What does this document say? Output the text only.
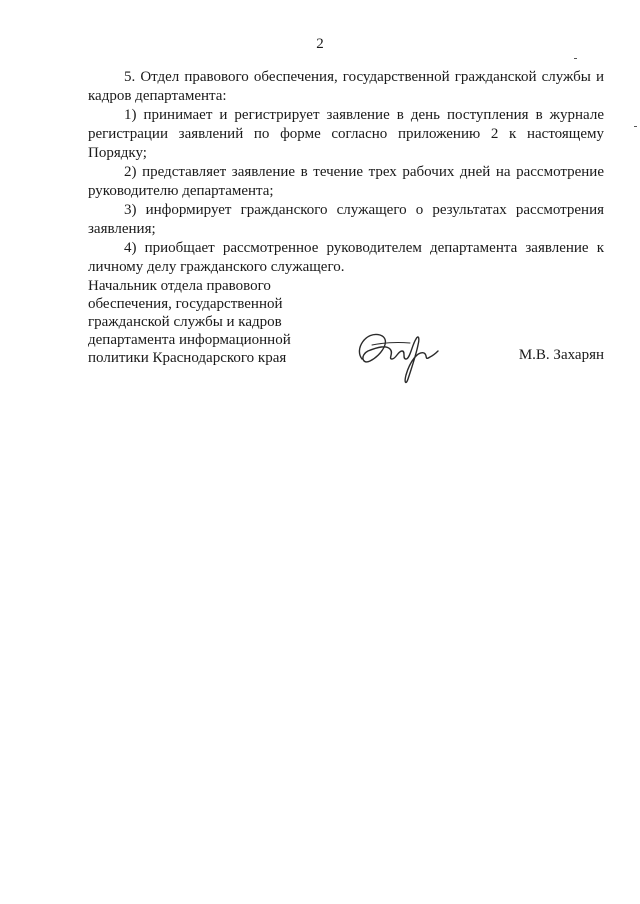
2

5. Отдел правового обеспечения, государственной гражданской службы и кадров департамента:

1) принимает и регистрирует заявление в день поступления в журнале регистрации заявлений по форме согласно приложению 2 к настоящему Порядку;

2) представляет заявление в течение трех рабочих дней на рассмотрение руководителю департамента;

3) информирует гражданского служащего о результатах рассмотрения заявления;

4) приобщает рассмотренное руководителем департамента заявление к личному делу гражданского служащего.

Начальник отдела правового
обеспечения, государственной
гражданской службы и кадров
департамента информационной
политики Краснодарского края	М.В. Захарян
